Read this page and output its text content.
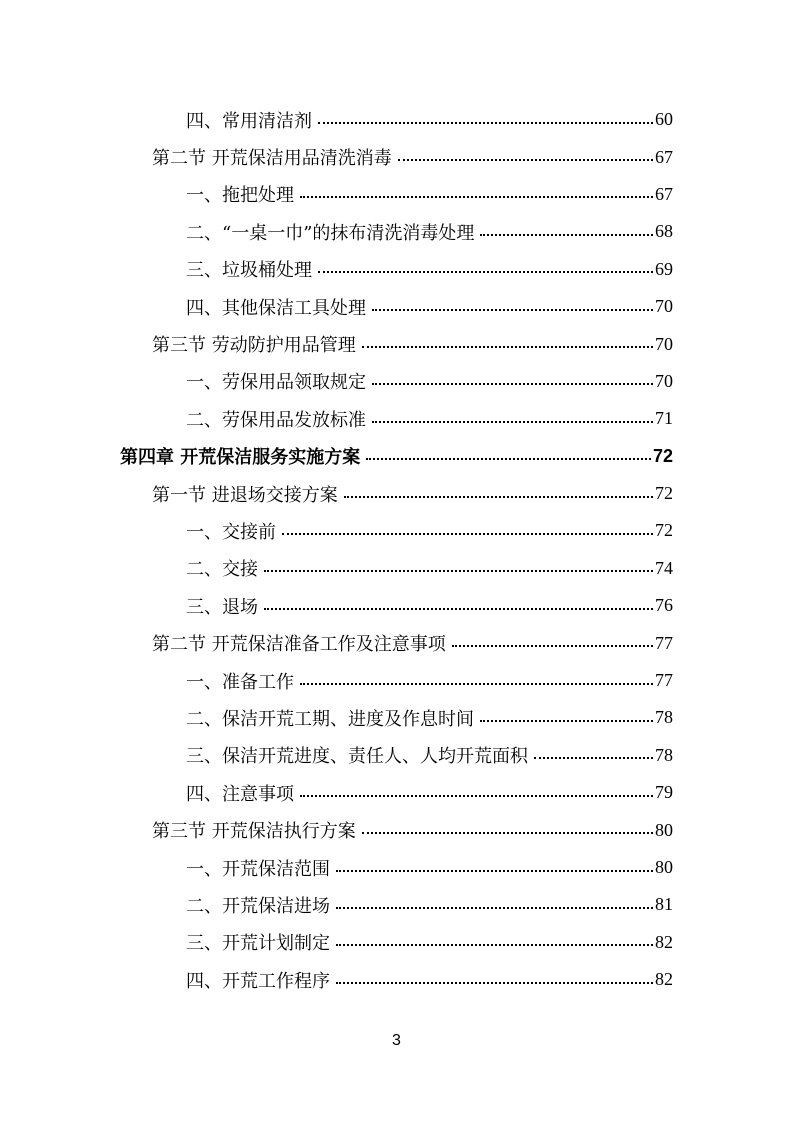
四、常用清洁剂	60
第二节 开荒保洁用品清洗消毒	67
一、拖把处理	67
二、“一桌一巾”的抹布清洗消毒处理	68
三、垃圾桶处理	69
四、其他保洁工具处理	70
第三节 劳动防护用品管理	70
一、劳保用品领取规定	70
二、劳保用品发放标准	71
第四章 开荒保洁服务实施方案	72
第一节 进退场交接方案	72
一、交接前	72
二、交接	74
三、退场	76
第二节 开荒保洁准备工作及注意事项	77
一、准备工作	77
二、保洁开荒工期、进度及作息时间	78
三、保洁开荒进度、责任人、人均开荒面积	78
四、注意事项	79
第三节 开荒保洁执行方案	80
一、开荒保洁范围	80
二、开荒保洁进场	81
三、开荒计划制定	82
四、开荒工作程序	82
3
